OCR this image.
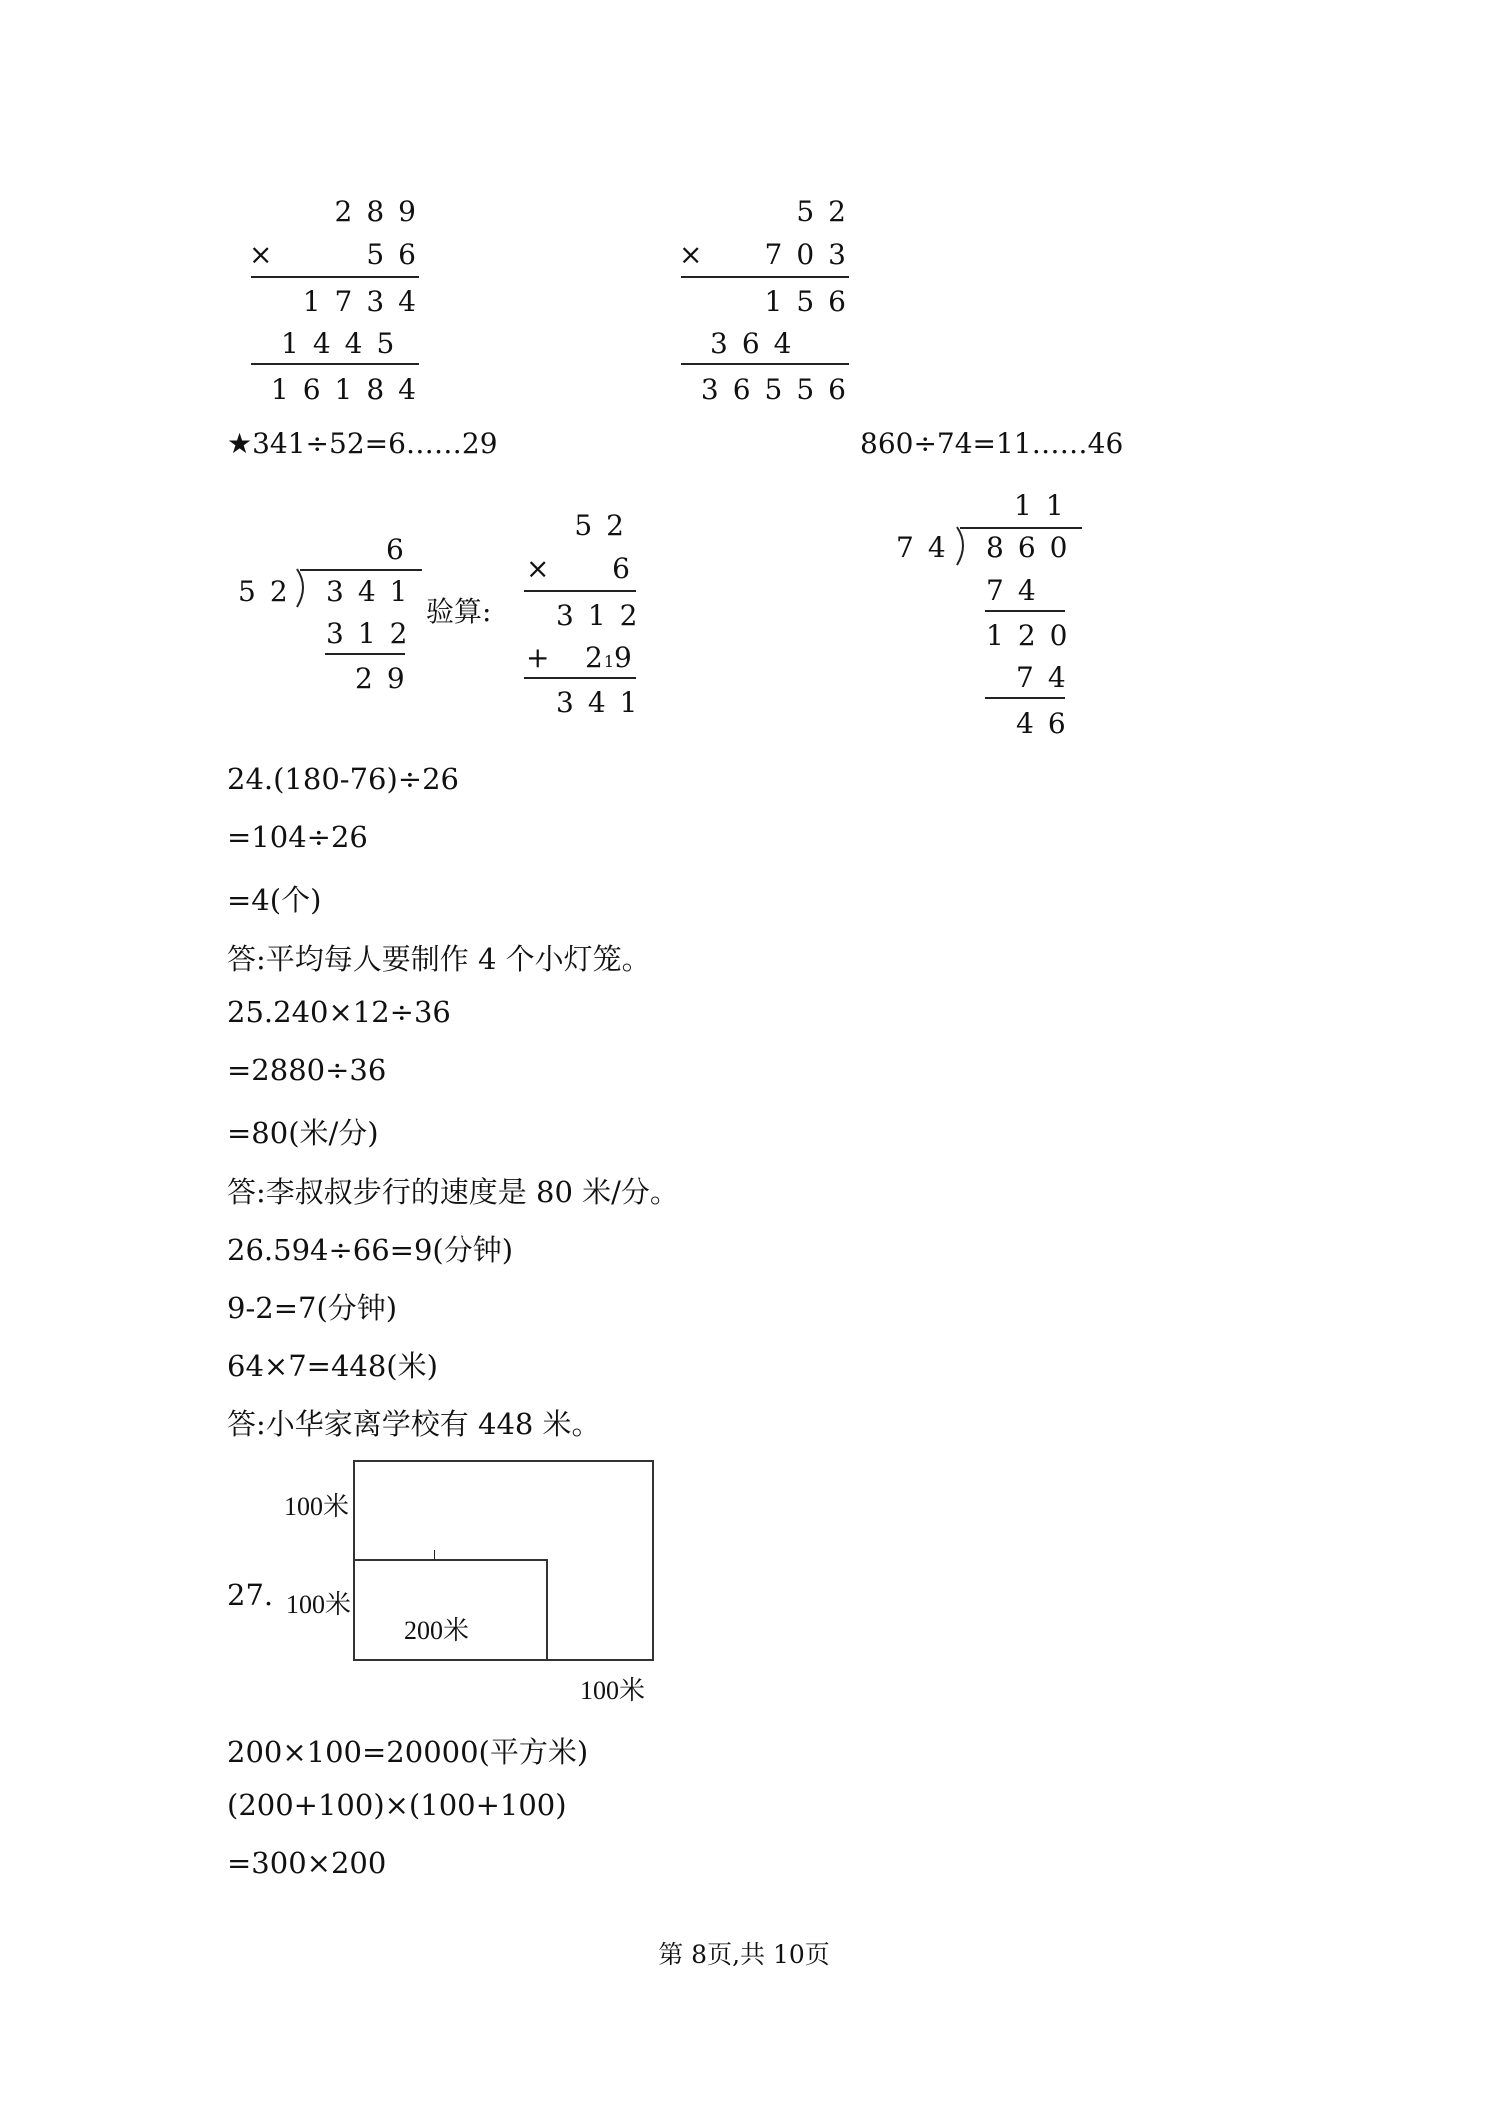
289
×	56
1734
1445
16184
52
×	703
156
364
36556
★341÷52=6……29	860÷74=11……46
6
52 341
312
29
验算:
52
×	6
312
+ 219
341
11
74 860
74
120
74
46
24.(180-76)÷26
=104÷26
=4(个)
答:平均每人要制作 4 个小灯笼。
25.240×12÷36
=2880÷36
=80(米/分)
答:李叔叔步行的速度是 80 米/分。
26.594÷66=9(分钟)
9-2=7(分钟)
64×7=448(米)
答:小华家离学校有 448 米。
27.
100米
100米
200米
100米
200×100=20000(平方米)
(200+100)×(100+100)
=300×200
第 8页,共 10页
